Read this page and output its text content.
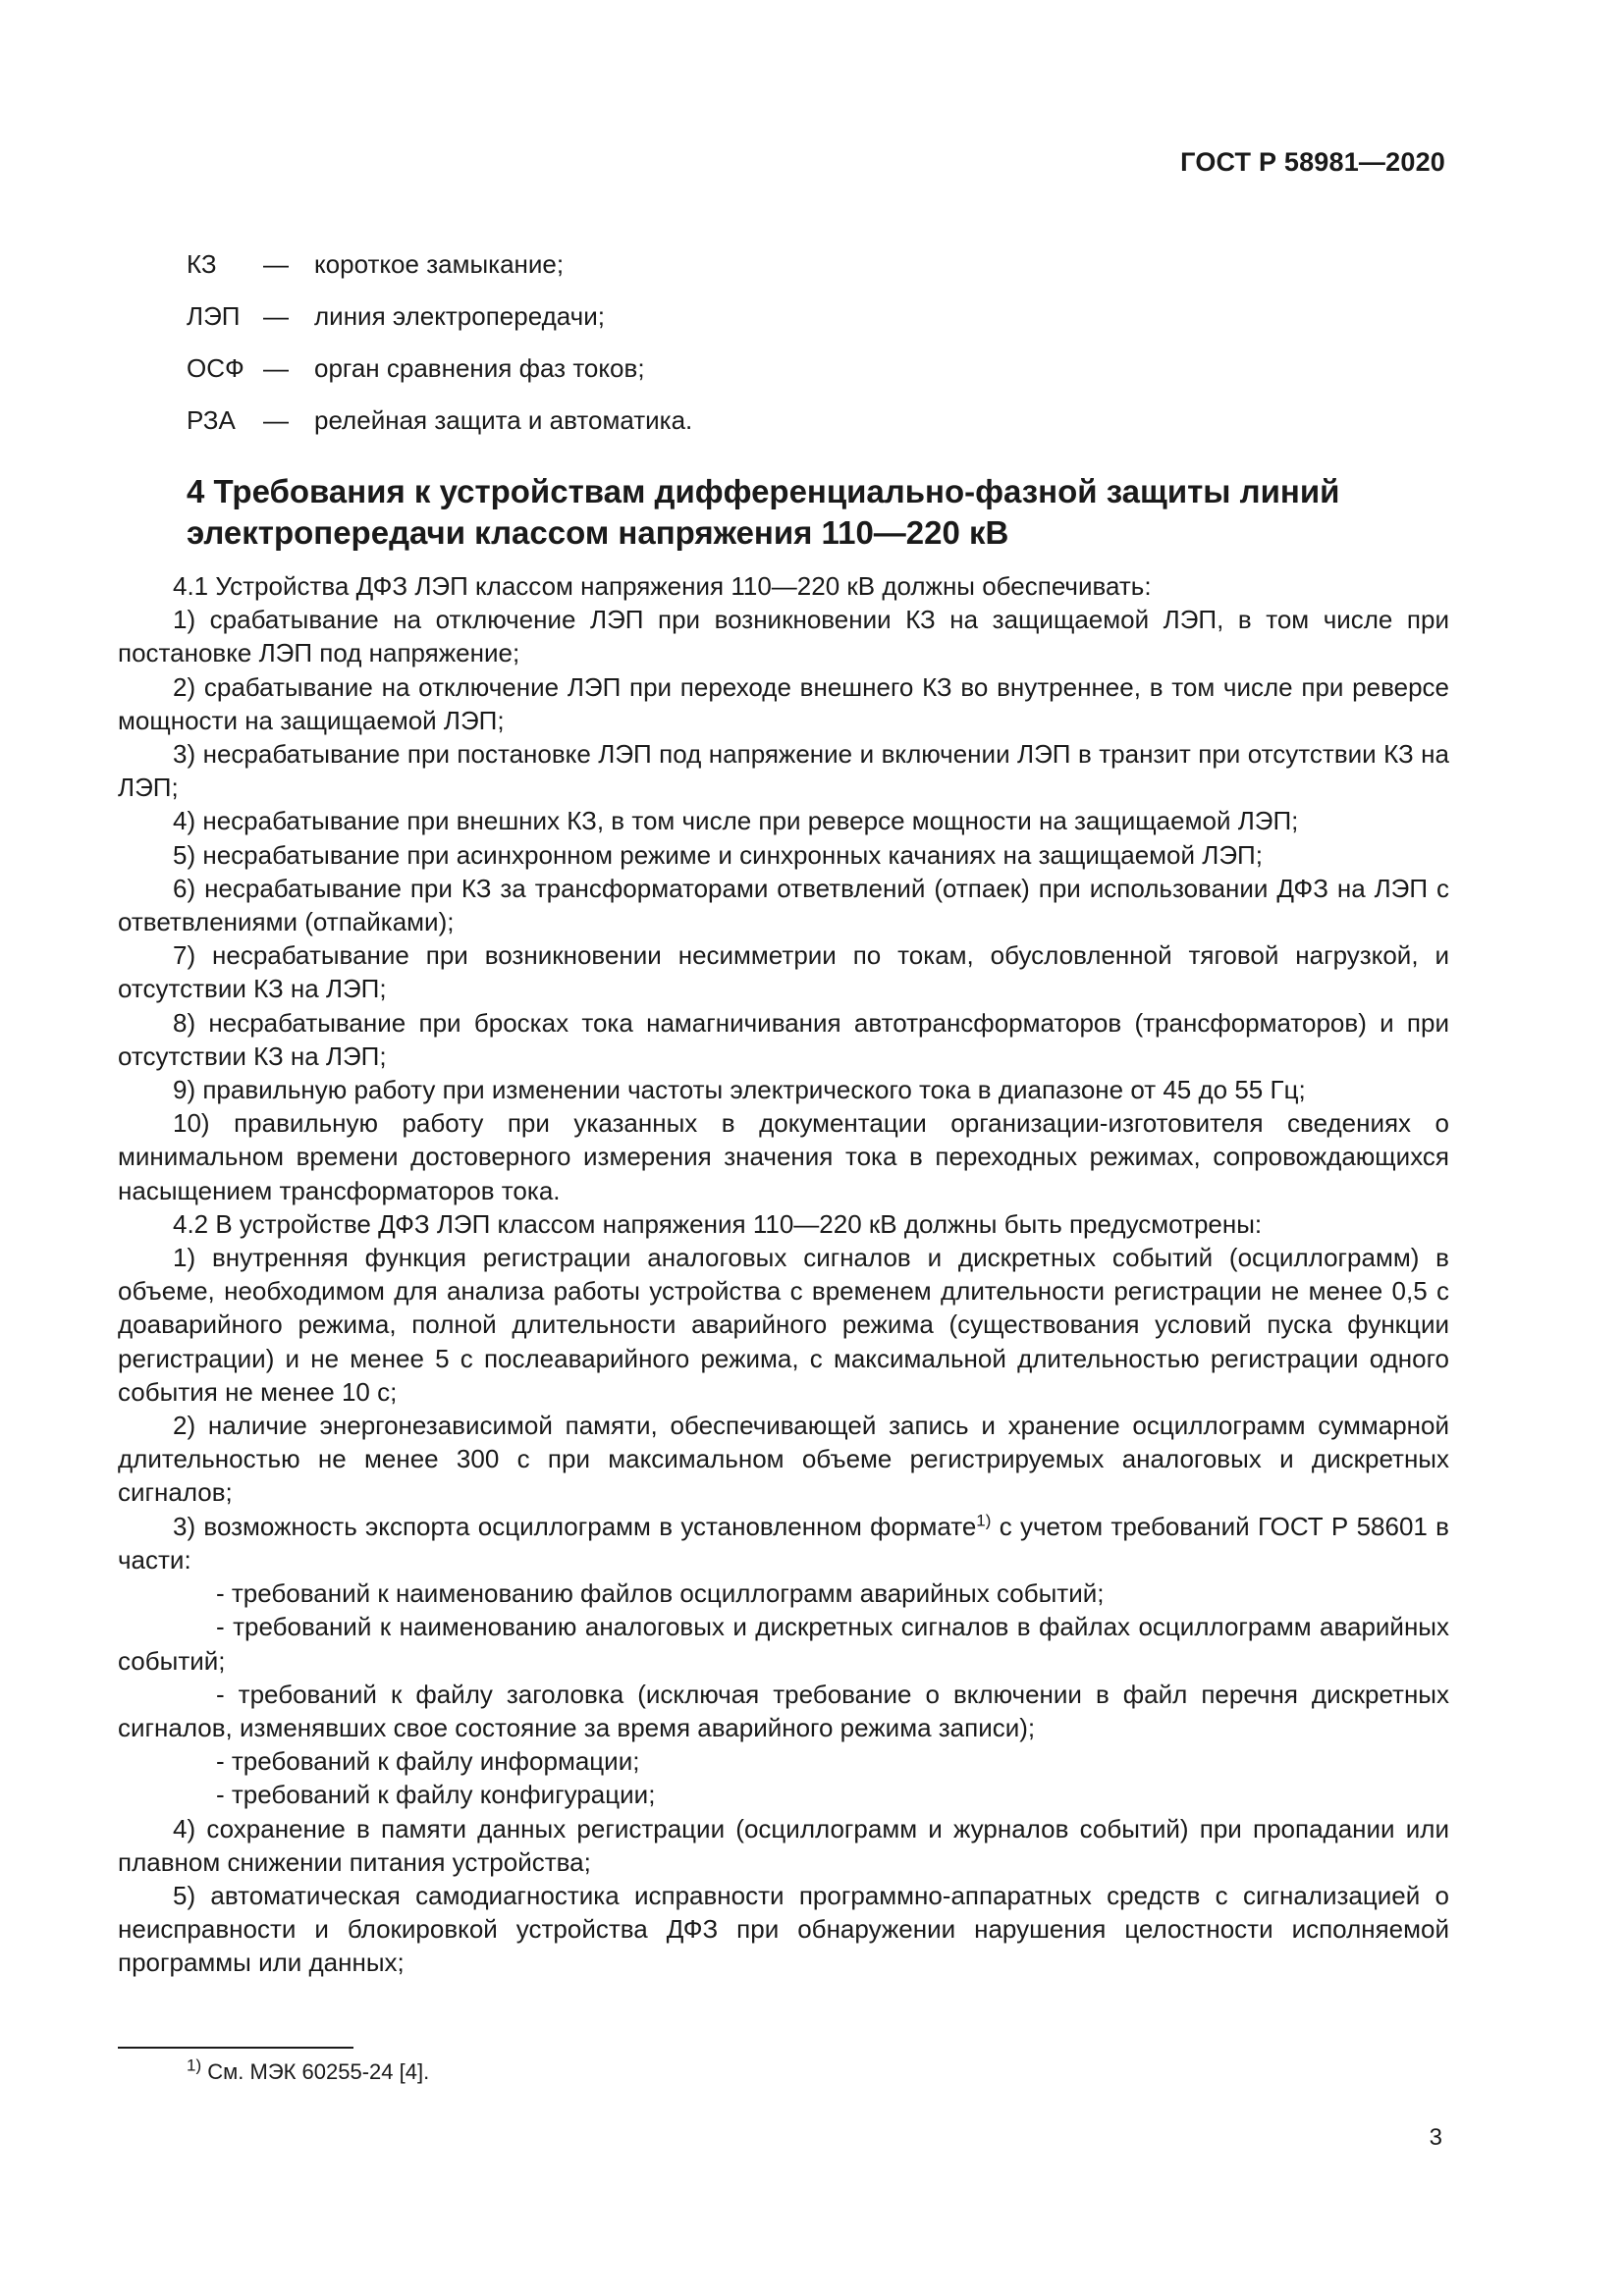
ГОСТ Р 58981—2020
КЗ	—	короткое замыкание;
ЛЭП —	линия электропередачи;
ОСФ —	орган сравнения фаз токов;
РЗА	—	релейная защита и автоматика.
4 Требования к устройствам дифференциально-фазной защиты линий
электропередачи классом напряжения 110—220 кВ

4.1 Устройства ДФЗ ЛЭП классом напряжения 110—220 кВ должны обеспечивать:

1) срабатывание на отключение ЛЭП при возникновении КЗ на защищаемой ЛЭП, в том числе при постановке ЛЭП под напряжение;

2) срабатывание на отключение ЛЭП при переходе внешнего КЗ во внутреннее, в том числе при реверсе мощности на защищаемой ЛЭП;

3) несрабатывание при постановке ЛЭП под напряжение и включении ЛЭП в транзит при отсутствии КЗ на ЛЭП;

4) несрабатывание при внешних КЗ, в том числе при реверсе мощности на защищаемой ЛЭП;

5) несрабатывание при асинхронном режиме и синхронных качаниях на защищаемой ЛЭП;

6) несрабатывание при КЗ за трансформаторами ответвлений (отпаек) при использовании ДФЗ на ЛЭП с ответвлениями (отпайками);

7) несрабатывание при возникновении несимметрии по токам, обусловленной тяговой нагрузкой, и отсутствии КЗ на ЛЭП;

8) несрабатывание при бросках тока намагничивания автотрансформаторов (трансформаторов) и при отсутствии КЗ на ЛЭП;

9) правильную работу при изменении частоты электрического тока в диапазоне от 45 до 55 Гц;

10) правильную работу при указанных в документации организации-изготовителя сведениях о минимальном времени достоверного измерения значения тока в переходных режимах, сопровождающихся насыщением трансформаторов тока.

4.2 В устройстве ДФЗ ЛЭП классом напряжения 110—220 кВ должны быть предусмотрены:

1) внутренняя функция регистрации аналоговых сигналов и дискретных событий (осциллограмм) в объеме, необходимом для анализа работы устройства с временем длительности регистрации не менее 0,5 с доаварийного режима, полной длительности аварийного режима (существования условий пуска функции регистрации) и не менее 5 с послеаварийного режима, с максимальной длительностью регистрации одного события не менее 10 с;

2) наличие энергонезависимой памяти, обеспечивающей запись и хранение осциллограмм суммарной длительностью не менее 300 с при максимальном объеме регистрируемых аналоговых и дискретных сигналов;

3) возможность экспорта осциллограмм в установленном формате$^{1)}$ с учетом требований ГОСТ Р 58601 в части:

- требований к наименованию файлов осциллограмм аварийных событий;

- требований к наименованию аналоговых и дискретных сигналов в файлах осциллограмм аварийных событий;

- требований к файлу заголовка (исключая требование о включении в файл перечня дискретных сигналов, изменявших свое состояние за время аварийного режима записи);

- требований к файлу информации;

- требований к файлу конфигурации;

4) сохранение в памяти данных регистрации (осциллограмм и журналов событий) при пропадании или плавном снижении питания устройства;

5) автоматическая самодиагностика исправности программно-аппаратных средств с сигнализацией о неисправности и блокировкой устройства ДФЗ при обнаружении нарушения целостности исполняемой программы или данных;

$^{1)}$ См. МЭК 60255-24 [4].
3
